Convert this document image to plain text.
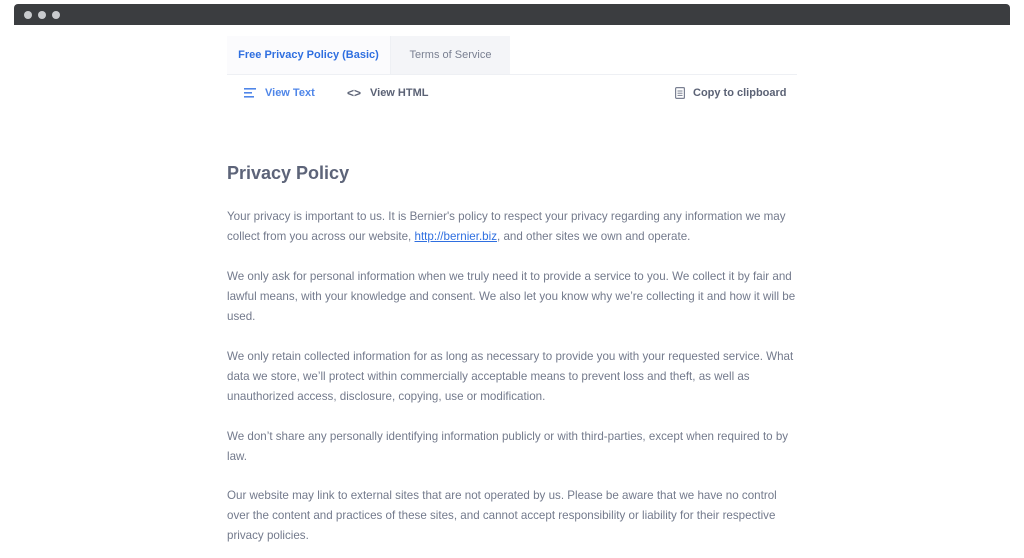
Free Privacy Policy (Basic)	Terms of Service
View Text	<> View HTML	Copy to clipboard
Privacy Policy

Your privacy is important to us. It is Bernier's policy to respect your privacy regarding any information we may collect from you across our website, http://bernier.biz, and other sites we own and operate.

We only ask for personal information when we truly need it to provide a service to you. We collect it by fair and lawful means, with your knowledge and consent. We also let you know why we’re collecting it and how it will be used.

We only retain collected information for as long as necessary to provide you with your requested service. What data we store, we’ll protect within commercially acceptable means to prevent loss and theft, as well as unauthorized access, disclosure, copying, use or modification.

We don’t share any personally identifying information publicly or with third-parties, except when required to by law.

Our website may link to external sites that are not operated by us. Please be aware that we have no control over the content and practices of these sites, and cannot accept responsibility or liability for their respective privacy policies.
